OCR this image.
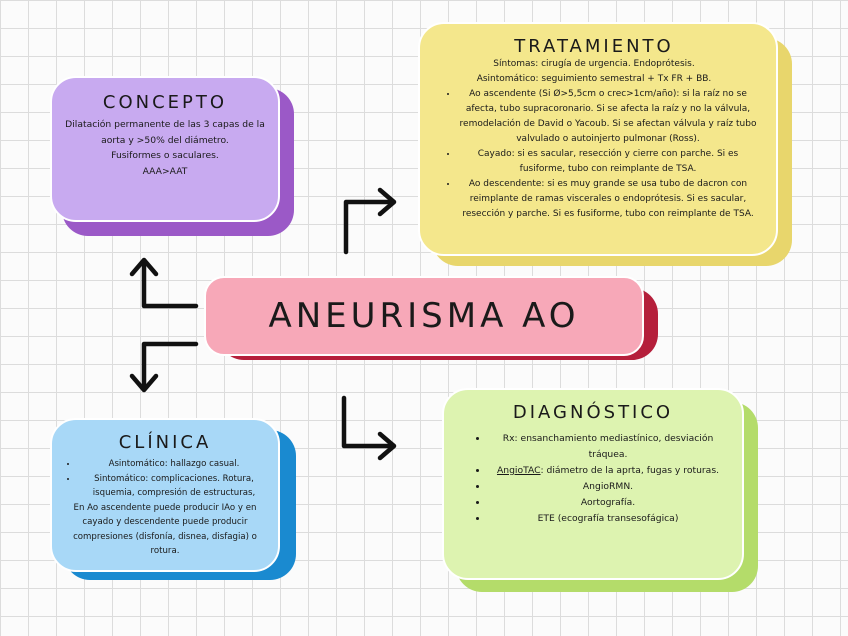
CONCEPTO

Dilatación permanente de las 3 capas de la aorta y >50% del diámetro.

Fusiformes o saculares.

AAA>AAT

TRATAMIENTO

Síntomas: cirugía de urgencia. Endoprótesis.

Asintomático: seguimiento semestral + Tx FR + BB.

• Ao ascendente (Si Ø>5,5cm o crec>1cm/año): si la raíz no se afecta, tubo supracoronario. Si se afecta la raíz y no la válvula, remodelación de David o Yacoub. Si se afectan válvula y raíz tubo valvulado o autoinjerto pulmonar (Ross).
• Cayado: si es sacular, resección y cierre con parche. Si es fusiforme, tubo con reimplante de TSA.
• Ao descendente: si es muy grande se usa tubo de dacron con reimplante de ramas viscerales o endoprótesis. Si es sacular, resección y parche. Si es fusiforme, tubo con reimplante de TSA.
ANEURISMA AO
CLÍNICA
• Asintomático: hallazgo casual.
• Sintomático: complicaciones. Rotura, isquemia, compresión de estructuras,

En Ao ascendente puede producir IAo y en cayado y descendente puede producir compresiones (disfonía, disnea, disfagia) o rotura.

DIAGNÓSTICO
• Rx: ensanchamiento mediastínico, desviación tráquea.
• AngioTAC: diámetro de la aprta, fugas y roturas.
• AngioRMN.
• Aortografía.
• ETE (ecografía transesofágica)
